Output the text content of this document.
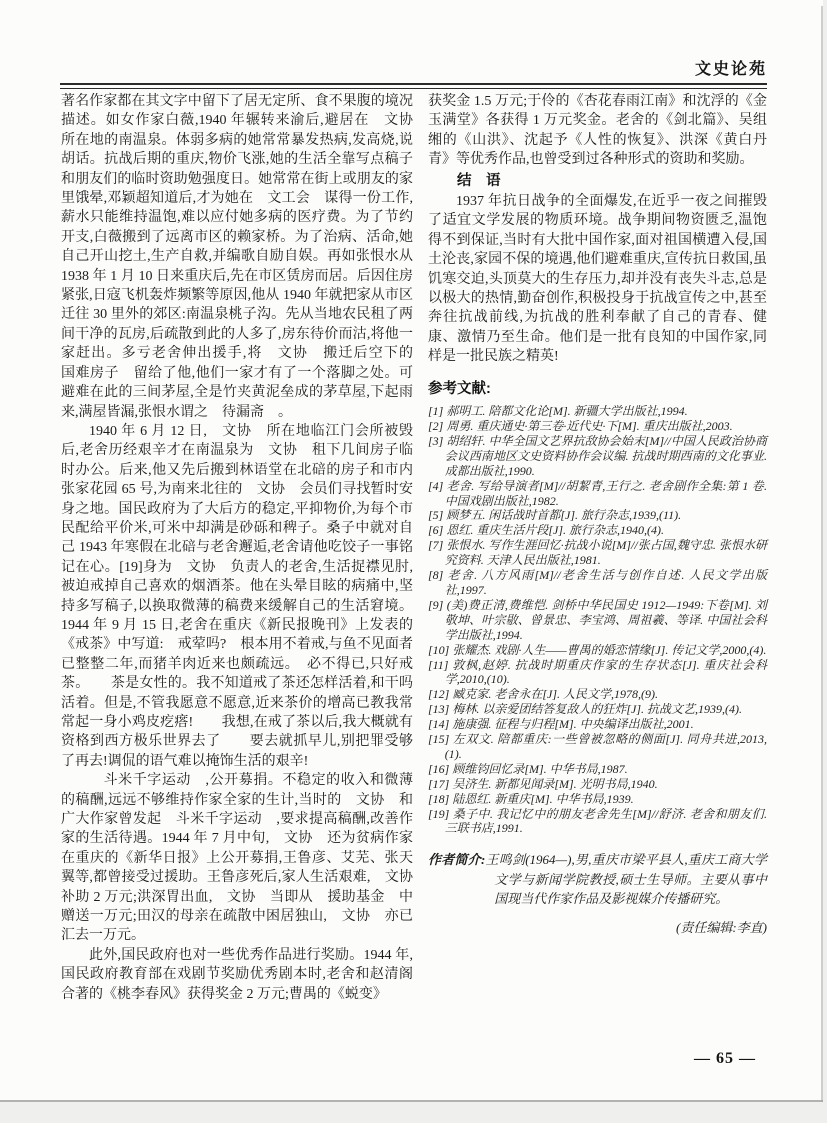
文史论苑

著名作家都在其文字中留下了居无定所、食不果腹的境况描述。如女作家白薇,1940 年辗转来渝后,避居在　文协　所在地的南温泉。体弱多病的她常常暴发热病,发高烧,说胡话。抗战后期的重庆,物价飞涨,她的生活全靠写点稿子和朋友们的临时资助勉强度日。她常常在街上或朋友的家里饿晕,邓颖超知道后,才为她在　文工会　谋得一份工作,薪水只能维持温饱,难以应付她多病的医疗费。为了节约开支,白薇搬到了远离市区的赖家桥。为了治病、活命,她自己开山挖土,生产自救,并编歌自励自娱。再如张恨水从 1938 年 1 月 10 日来重庆后,先在市区赁房而居。后因住房紧张,日寇飞机轰炸频繁等原因,他从 1940 年就把家从市区迁往 30 里外的郊区:南温泉桃子沟。先从当地农民租了两间干净的瓦房,后疏散到此的人多了,房东待价而沽,将他一家赶出。多亏老舍伸出援手,将　文协　搬迁后空下的　国难房子　留给了他,他们一家才有了一个落脚之处。可避难在此的三间茅屋,全是竹夹黄泥垒成的茅草屋,下起雨来,满屋皆漏,张恨水谓之　待漏斋　。

1940 年 6 月 12 日,　文协　所在地临江门会所被毁后,老舍历经艰辛才在南温泉为　文协　租下几间房子临时办公。后来,他又先后搬到林语堂在北碚的房子和市内张家花园 65 号,为南来北往的　文协　会员们寻找暂时安身之地。国民政府为了大后方的稳定,平抑物价,为每个市民配给平价米,可米中却满是砂砾和稗子。桑子中就对自己 1943 年寒假在北碚与老舍邂逅,老舍请他吃饺子一事铭记在心。[19]身为　文协　负责人的老舍,生活捉襟见肘,被迫戒掉自己喜欢的烟酒茶。他在头晕目眩的病痛中,坚持多写稿子,以换取微薄的稿费来缓解自己的生活窘境。1944 年 9 月 15 日,老舍在重庆《新民报晚刊》上发表的《戒茶》中写道:　戒荤吗?　根本用不着戒,与鱼不见面者已整整二年,而猪羊肉近来也颇疏远。　必不得已,只好戒茶。　　茶是女性的。我不知道戒了茶还怎样活着,和干吗活着。但是,不管我愿意不愿意,近来茶价的增高已教我常常起一身小鸡皮疙瘩!　　我想,在戒了茶以后,我大概就有资格到西方极乐世界去了　　要去就抓早儿,别把罪受够了再去!调侃的语气难以掩饰生活的艰辛!

　斗米千字运动　,公开募捐。不稳定的收入和微薄的稿酬,远远不够维持作家全家的生计,当时的　文协　和广大作家曾发起　斗米千字运动　,要求提高稿酬,改善作家的生活待遇。1944 年 7 月中旬,　文协　还为贫病作家在重庆的《新华日报》上公开募捐,王鲁彦、艾芜、张天翼等,都曾接受过援助。王鲁彦死后,家人生活艰难,　文协　补助 2 万元;洪深胃出血,　文协　当即从　援助基金　中赠送一万元;田汉的母亲在疏散中困居独山,　文协　亦已汇去一万元。

此外,国民政府也对一些优秀作品进行奖励。1944 年,国民政府教育部在戏剧节奖励优秀剧本时,老舍和赵清阁合著的《桃李春风》获得奖金 2 万元;曹禺的《蜕变》

获奖金 1.5 万元;于伶的《杏花春雨江南》和沈浮的《金玉满堂》各获得 1 万元奖金。老舍的《剑北篇》、吴组缃的《山洪》、沈起予《人性的恢复》、洪深《黄白丹青》等优秀作品,也曾受到过各种形式的资助和奖励。

结　语

1937 年抗日战争的全面爆发,在近乎一夜之间摧毁了适宜文学发展的物质环境。战争期间物资匮乏,温饱得不到保证,当时有大批中国作家,面对祖国横遭入侵,国土沦丧,家园不保的境遇,他们避难重庆,宣传抗日救国,虽饥寒交迫,头顶莫大的生存压力,却并没有丧失斗志,总是以极大的热情,勤奋创作,积极投身于抗战宣传之中,甚至奔往抗战前线,为抗战的胜利奉献了自己的青春、健康、激情乃至生命。他们是一批有良知的中国作家,同样是一批民族之精英!

参考文献:
[1] 郝明工. 陪都文化论[M]. 新疆大学出版社,1994.
[2] 周勇. 重庆通史·第三卷·近代史·下[M]. 重庆出版社,2003.
[3] 胡绍轩. 中华全国文艺界抗敌协会始末[M]//中国人民政治协商会议西南地区文史资料协作会议编. 抗战时期西南的文化事业. 成都出版社,1990.
[4] 老舍. 写给导演者[M]//胡絜青,王行之. 老舍剧作全集:第 1 卷. 中国戏剧出版社,1982.
[5] 顾梦五. 闲话战时首都[J]. 旅行杂志,1939,(11).
[6] 恩红. 重庆生活片段[J]. 旅行杂志,1940,(4).
[7] 张恨水. 写作生涯回忆·抗战小说[M]//张占国,魏守忠. 张恨水研究资料. 天津人民出版社,1981.
[8] 老舍. 八方风雨[M]//老舍生活与创作自述. 人民文学出版社,1997.
[9] (美)费正清,费维恺. 剑桥中华民国史 1912—1949:下卷[M]. 刘敬坤、叶宗敭、曾景忠、李宝鸿、周祖羲、等译. 中国社会科学出版社,1994.
[10] 张耀杰. 戏剧·人生——曹禺的婚恋情缘[J]. 传记文学,2000,(4).
[11] 敦枫,赵婷. 抗战时期重庆作家的生存状态[J]. 重庆社会科学,2010,(10).
[12] 臧克家. 老舍永在[J]. 人民文学,1978,(9).
[13] 梅林. 以亲爱团结答复敌人的狂炸[J]. 抗战文艺,1939,(4).
[14] 施康强. 征程与归程[M]. 中央编译出版社,2001.
[15] 左双文. 陪都重庆:一些曾被忽略的侧面[J]. 同舟共进,2013,(1).
[16] 顾维钧回忆录[M]. 中华书局,1987.
[17] 吴济生. 新都见闻录[M]. 光明书局,1940.
[18] 陆恩红. 新重庆[M]. 中华书局,1939.
[19] 桑子中. 我记忆中的朋友老舍先生[M]//舒济. 老舍和朋友们. 三联书店,1991.
作者简介:王鸣剑(1964—),男,重庆市梁平县人,重庆工商大学文学与新闻学院教授,硕士生导师。主要从事中国现当代作家作品及影视媒介传播研究。
(责任编辑:李直)
— 65 —
